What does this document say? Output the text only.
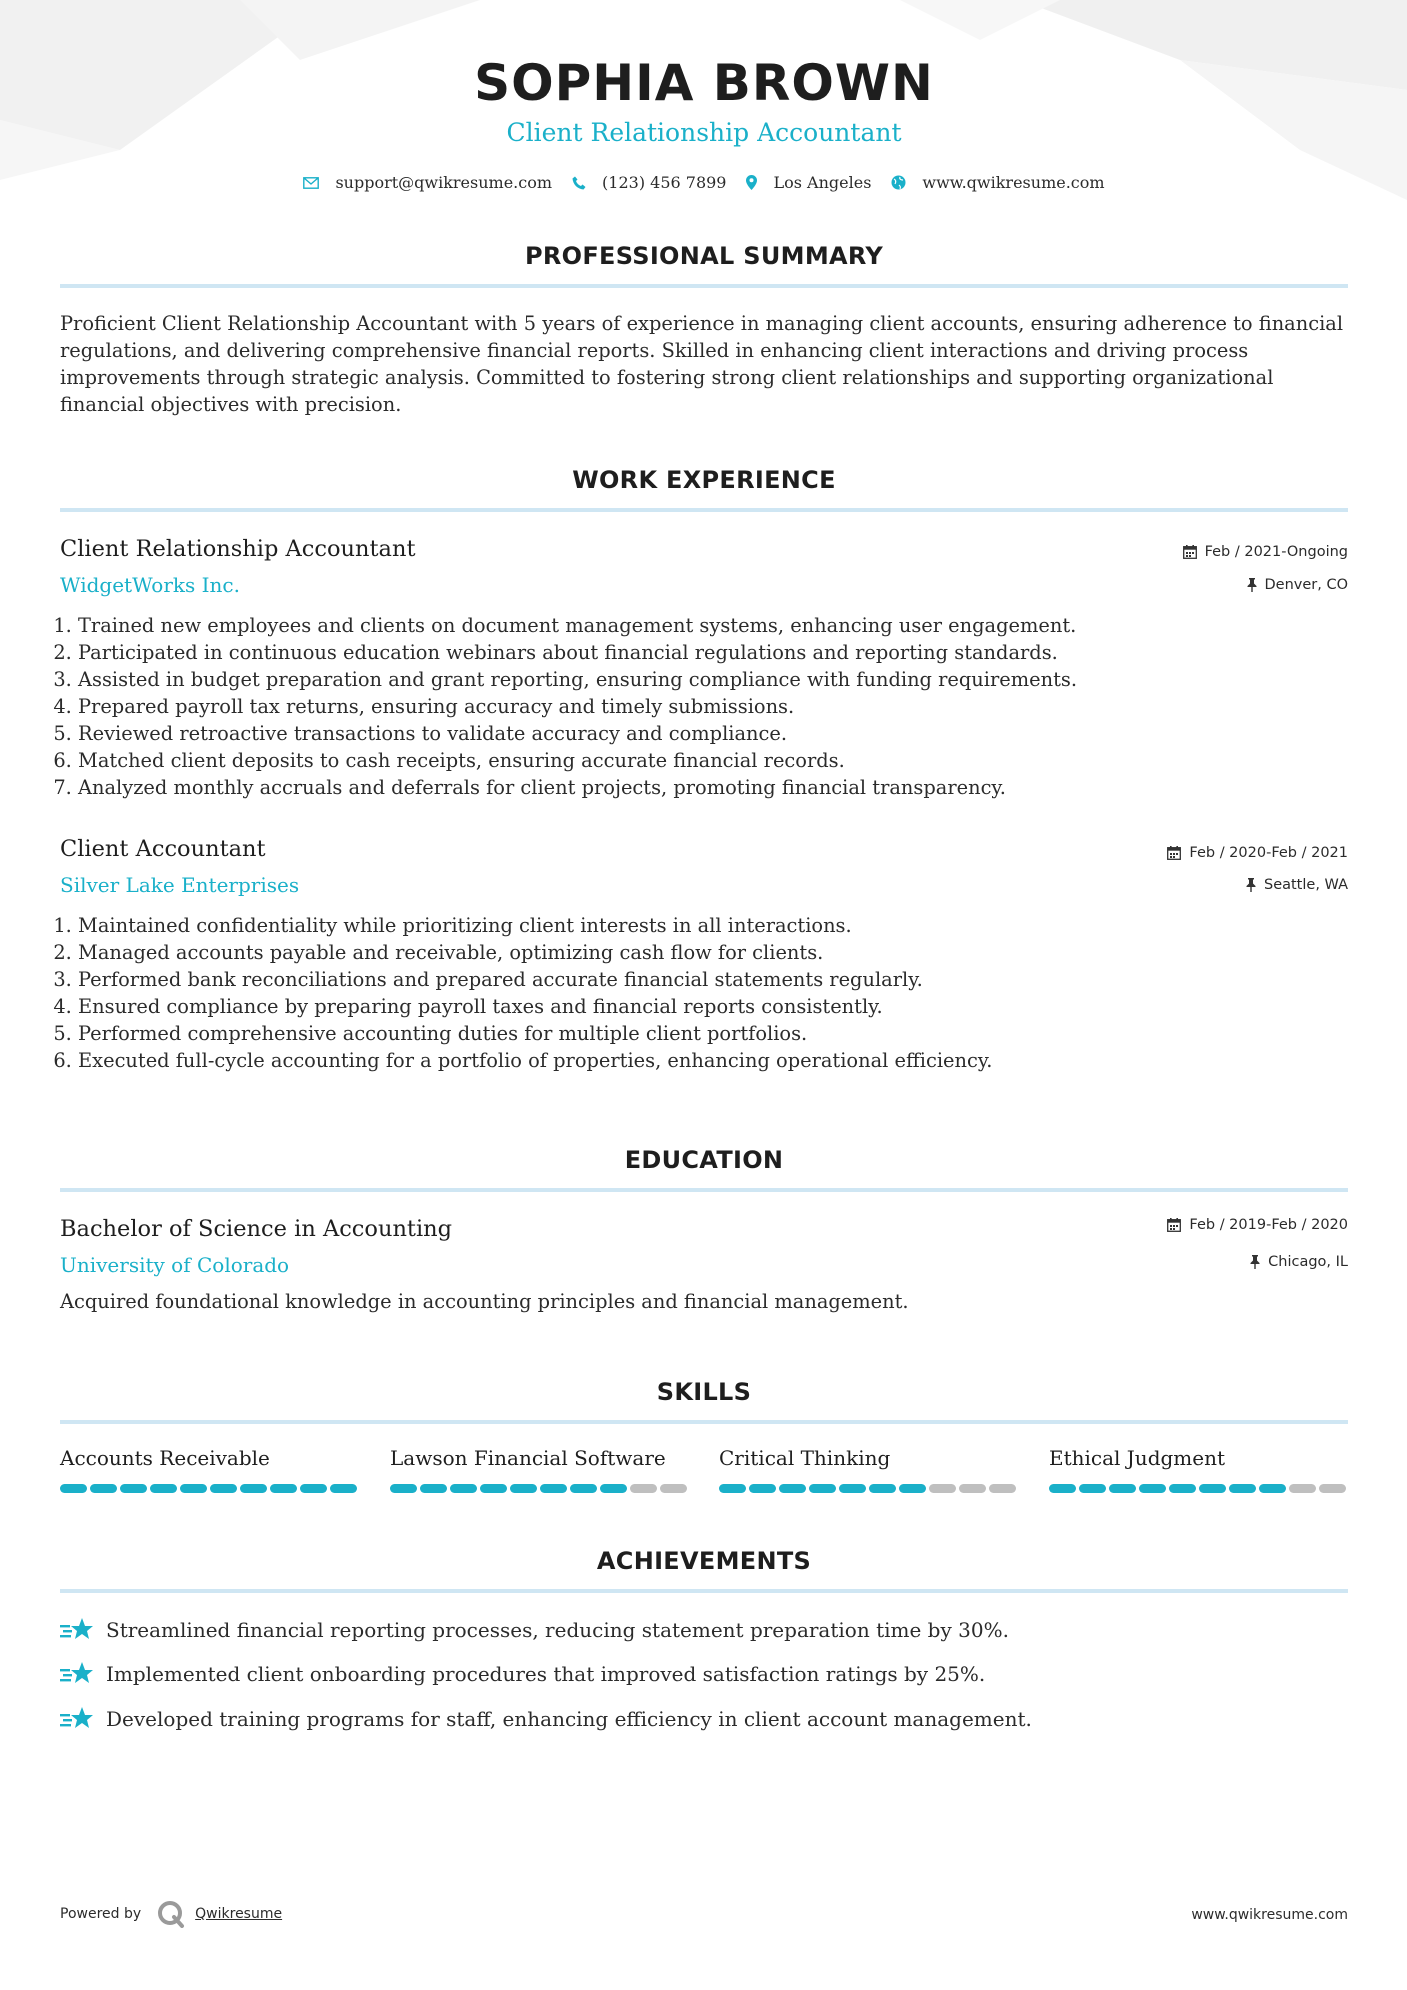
SOPHIA BROWN
Client Relationship Accountant
support@qwikresume.com	(123) 456 7899	Los Angeles	www.qwikresume.com
PROFESSIONAL SUMMARY

Proficient Client Relationship Accountant with 5 years of experience in managing client accounts, ensuring adherence to financial regulations, and delivering comprehensive financial reports. Skilled in enhancing client interactions and driving process improvements through strategic analysis. Committed to fostering strong client relationships and supporting organizational financial objectives with precision.

WORK EXPERIENCE
Client Relationship Accountant
WidgetWorks Inc.
Feb / 2021-Ongoing
Denver, CO
1. Trained new employees and clients on document management systems, enhancing user engagement.
2. Participated in continuous education webinars about financial regulations and reporting standards.
3. Assisted in budget preparation and grant reporting, ensuring compliance with funding requirements.
4. Prepared payroll tax returns, ensuring accuracy and timely submissions.
5. Reviewed retroactive transactions to validate accuracy and compliance.
6. Matched client deposits to cash receipts, ensuring accurate financial records.
7. Analyzed monthly accruals and deferrals for client projects, promoting financial transparency.
Client Accountant
Silver Lake Enterprises
Feb / 2020-Feb / 2021
Seattle, WA
1. Maintained confidentiality while prioritizing client interests in all interactions.
2. Managed accounts payable and receivable, optimizing cash flow for clients.
3. Performed bank reconciliations and prepared accurate financial statements regularly.
4. Ensured compliance by preparing payroll taxes and financial reports consistently.
5. Performed comprehensive accounting duties for multiple client portfolios.
6. Executed full-cycle accounting for a portfolio of properties, enhancing operational efficiency.
EDUCATION
Bachelor of Science in Accounting
University of Colorado
Feb / 2019-Feb / 2020
Chicago, IL

Acquired foundational knowledge in accounting principles and financial management.

SKILLS
Accounts Receivable	Lawson Financial Software	Critical Thinking	Ethical Judgment
ACHIEVEMENTS
Streamlined financial reporting processes, reducing statement preparation time by 30%.
Implemented client onboarding procedures that improved satisfaction ratings by 25%.
Developed training programs for staff, enhancing efficiency in client account management.
Powered by	Qwikresume	www.qwikresume.com
